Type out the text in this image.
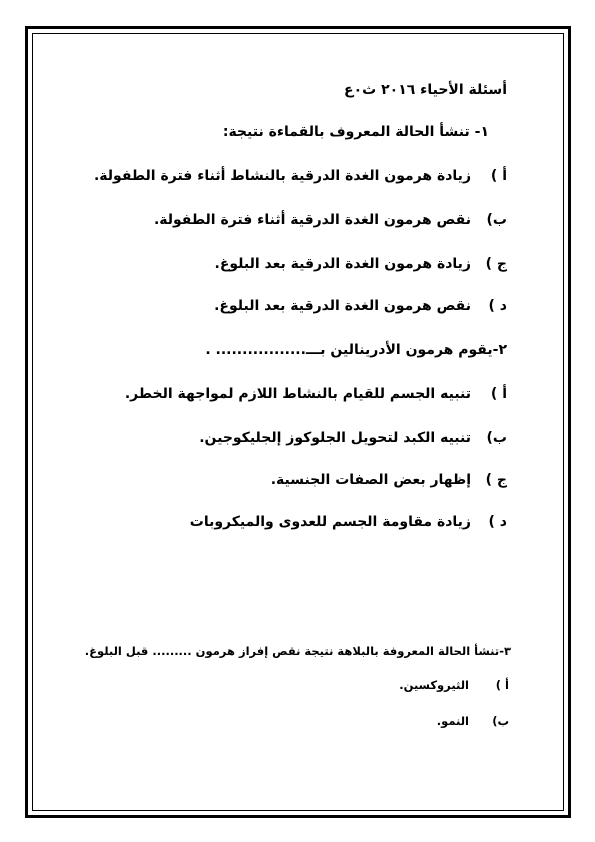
أسئلة الأحياء ٢٠١٦ ث٠ع
١- تنشأ الحالة المعروف بالقماءة نتيجة:
أ )زيادة هرمون الغدة الدرقية بالنشاط أثناء فترة الطفولة.
ب)نقص هرمون الغدة الدرقية أثناء فترة الطفولة.
ج )زيادة هرمون الغدة الدرقية بعد البلوغ.
د )نقص هرمون الغدة الدرقية بعد البلوغ.
٢-يقوم هرمون الأدرينالين بـــ................. .
أ )تنبيه الجسم للقيام بالنشاط اللازم لمواجهة الخطر.
ب)تنبيه الكبد لتحويل الجلوكوز إلجليكوجين.
ج )إظهار بعض الصفات الجنسية.
د )زيادة مقاومة الجسم للعدوى والميكروبات
٣-تنشأ الحالة المعروفة بالبلاهة نتيجة نقص إفراز هرمون ......... قبل البلوغ.
أ )الثيروكسين.
ب)النمو.
